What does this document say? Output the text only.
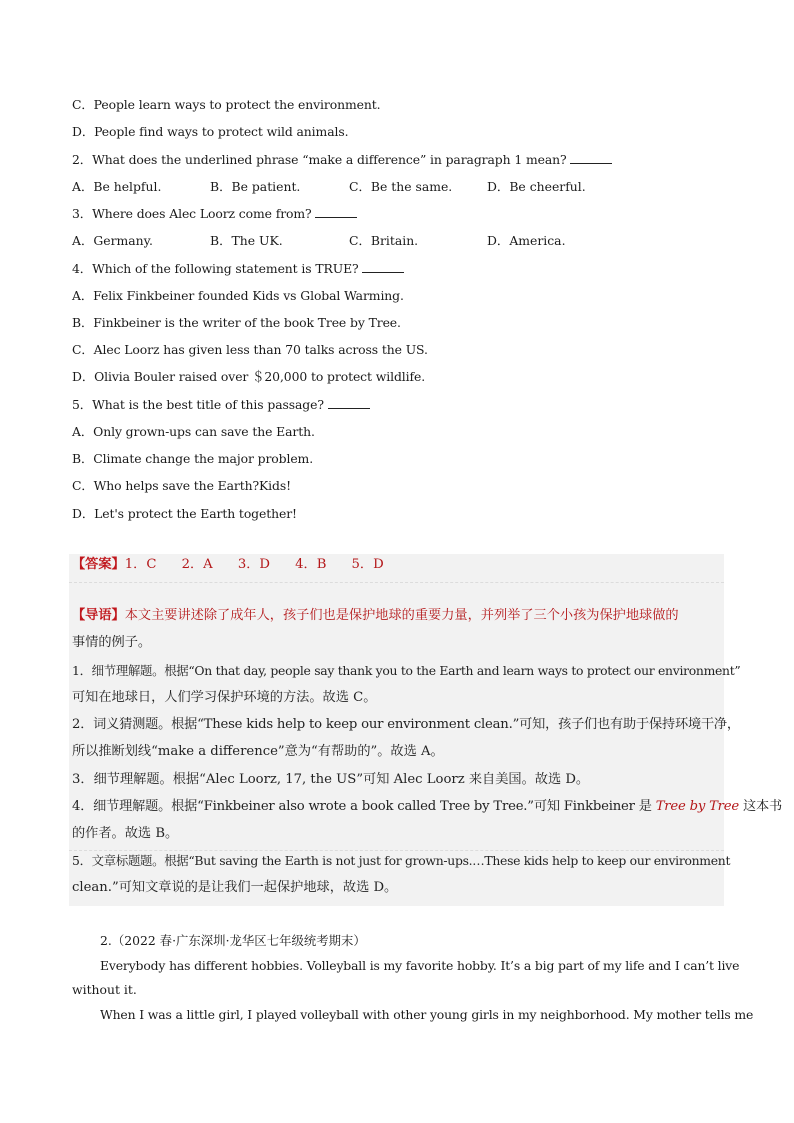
C．People learn ways to protect the environment.
D．People find ways to protect wild animals.
2．What does the underlined phrase “make a difference” in paragraph 1 mean?
A．Be helpful.	B．Be patient.	C．Be the same.	D．Be cheerful.
3．Where does Alec Loorz come from?
A．Germany.	B．The UK.	C．Britain.	D．America.
4．Which of the following statement is TRUE?
A．Felix Finkbeiner founded Kids vs Global Warming.
B．Finkbeiner is the writer of the book Tree by Tree.
C．Alec Loorz has given less than 70 talks across the US.
D．Olivia Bouler raised over ＄20,000 to protect wildlife.
5．What is the best title of this passage?
A．Only grown-ups can save the Earth.
B．Climate change the major problem.
C．Who helps save the Earth?Kids!
D．Let's protect the Earth together!
【答案】1．C      2．A      3．D      4．B      5．D
【导语】本文主要讲述除了成年人，孩子们也是保护地球的重要力量，并列举了三个小孩为保护地球做的
事情的例子。
1．细节理解题。根据“On that day, people say thank you to the Earth and learn ways to protect our environment”
可知在地球日，人们学习保护环境的方法。故选 C。
2．词义猜测题。根据“These kids help to keep our environment clean.”可知，孩子们也有助于保持环境干净，
所以推断划线“make a difference”意为“有帮助的”。故选 A。
3．细节理解题。根据“Alec Loorz, 17, the US”可知 Alec Loorz 来自美国。故选 D。
4．细节理解题。根据“Finkbeiner also wrote a book called Tree by Tree.”可知 Finkbeiner 是 Tree by Tree 这本书
的作者。故选 B。
5．文章标题题。根据“But saving the Earth is not just for grown-ups.…These kids help to keep our environment
clean.”可知文章说的是让我们一起保护地球，故选 D。
2.（2022 春·广东深圳·龙华区七年级统考期末）
Everybody has different hobbies. Volleyball is my favorite hobby. It’s a big part of my life and I can’t live
without it.
When I was a little girl, I played volleyball with other young girls in my neighborhood. My mother tells me
